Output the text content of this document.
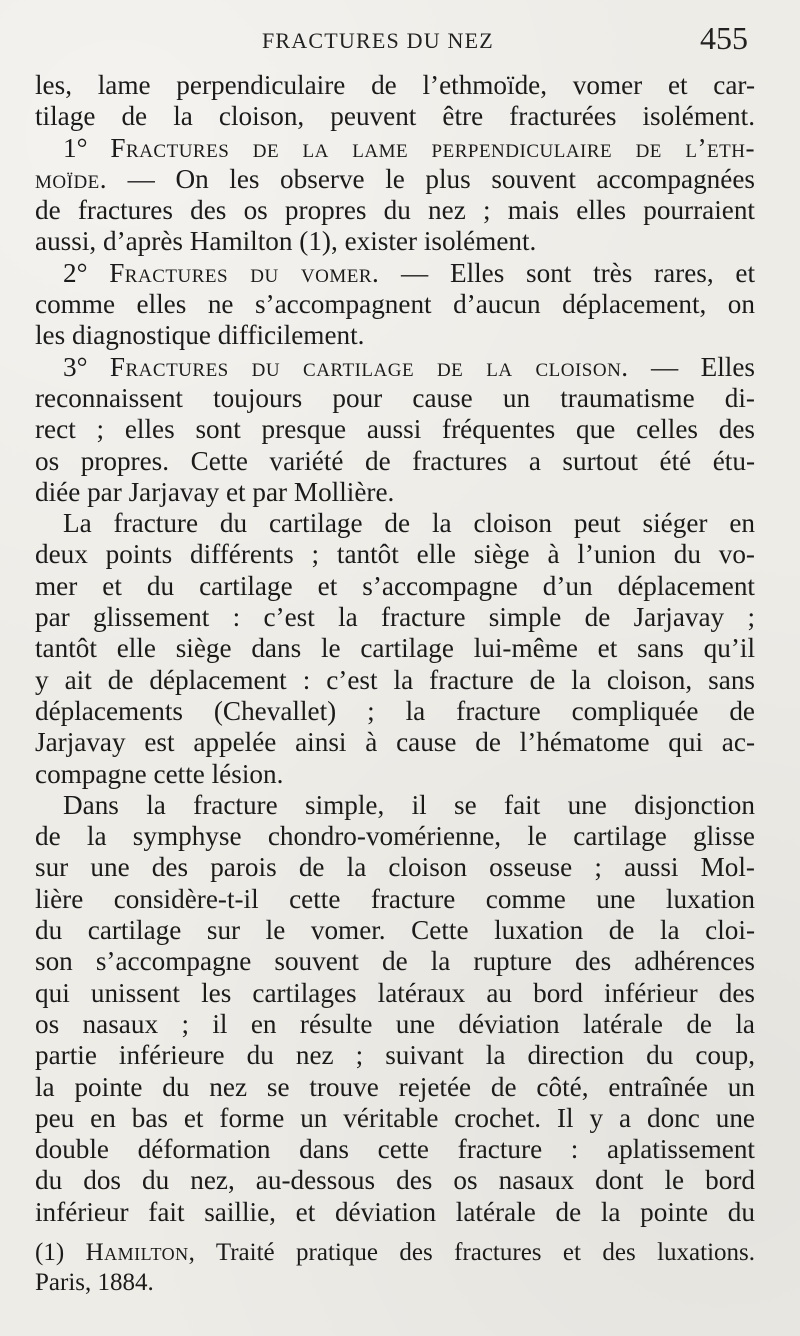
FRACTURES DU NEZ	455
les, lame perpendiculaire de l’ethmoïde, vomer et car-
tilage de la cloison, peuvent être fracturées isolément.
1° Fractures de la lame perpendiculaire de l’eth-
moïde. — On les observe le plus souvent accompagnées
de fractures des os propres du nez ; mais elles pourraient
aussi, d’après Hamilton (1), exister isolément.
2° Fractures du vomer. — Elles sont très rares, et
comme elles ne s’accompagnent d’aucun déplacement, on
les diagnostique difficilement.
3° Fractures du cartilage de la cloison. — Elles
reconnaissent toujours pour cause un traumatisme di-
rect ; elles sont presque aussi fréquentes que celles des
os propres. Cette variété de fractures a surtout été étu-
diée par Jarjavay et par Mollière.
La fracture du cartilage de la cloison peut siéger en
deux points différents ; tantôt elle siège à l’union du vo-
mer et du cartilage et s’accompagne d’un déplacement
par glissement : c’est la fracture simple de Jarjavay ;
tantôt elle siège dans le cartilage lui-même et sans qu’il
y ait de déplacement : c’est la fracture de la cloison, sans
déplacements (Chevallet) ; la fracture compliquée de
Jarjavay est appelée ainsi à cause de l’hématome qui ac-
compagne cette lésion.
Dans la fracture simple, il se fait une disjonction
de la symphyse chondro-vomérienne, le cartilage glisse
sur une des parois de la cloison osseuse ; aussi Mol-
lière considère-t-il cette fracture comme une luxation
du cartilage sur le vomer. Cette luxation de la cloi-
son s’accompagne souvent de la rupture des adhérences
qui unissent les cartilages latéraux au bord inférieur des
os nasaux ; il en résulte une déviation latérale de la
partie inférieure du nez ; suivant la direction du coup,
la pointe du nez se trouve rejetée de côté, entraînée un
peu en bas et forme un véritable crochet. Il y a donc une
double déformation dans cette fracture : aplatissement
du dos du nez, au-dessous des os nasaux dont le bord
inférieur fait saillie, et déviation latérale de la pointe du
(1) Hamilton, Traité pratique des fractures et des luxations.
Paris, 1884.
